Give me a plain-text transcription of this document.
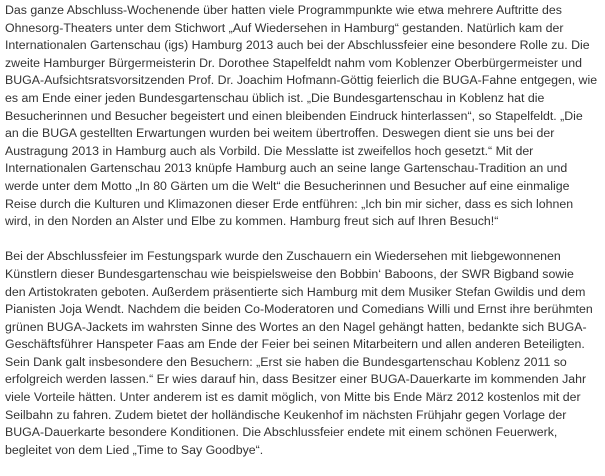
Das ganze Abschluss-Wochenende über hatten viele Programmpunkte wie etwa mehrere Auftritte des
Ohnesorg-Theaters unter dem Stichwort „Auf Wiedersehen in Hamburg“ gestanden. Natürlich kam der
Internationalen Gartenschau (igs) Hamburg 2013 auch bei der Abschlussfeier eine besondere Rolle zu. Die
zweite Hamburger Bürgermeisterin Dr. Dorothee Stapelfeldt nahm vom Koblenzer Oberbürgermeister und
BUGA-Aufsichtsratsvorsitzenden Prof. Dr. Joachim Hofmann-Göttig feierlich die BUGA-Fahne entgegen, wie
es am Ende einer jeden Bundesgartenschau üblich ist. „Die Bundesgartenschau in Koblenz hat die
Besucherinnen und Besucher begeistert und einen bleibenden Eindruck hinterlassen“, so Stapelfeldt. „Die
an die BUGA gestellten Erwartungen wurden bei weitem übertroffen. Deswegen dient sie uns bei der
Austragung 2013 in Hamburg auch als Vorbild. Die Messlatte ist zweifellos hoch gesetzt.“ Mit der
Internationalen Gartenschau 2013 knüpfe Hamburg auch an seine lange Gartenschau-Tradition an und
werde unter dem Motto „In 80 Gärten um die Welt“ die Besucherinnen und Besucher auf eine einmalige
Reise durch die Kulturen und Klimazonen dieser Erde entführen: „Ich bin mir sicher, dass es sich lohnen
wird, in den Norden an Alster und Elbe zu kommen. Hamburg freut sich auf Ihren Besuch!“

Bei der Abschlussfeier im Festungspark wurde den Zuschauern ein Wiedersehen mit liebgewonnenen
Künstlern dieser Bundesgartenschau wie beispielsweise den Bobbin‘ Baboons, der SWR Bigband sowie
den Artistokraten geboten. Außerdem präsentierte sich Hamburg mit dem Musiker Stefan Gwildis und dem
Pianisten Joja Wendt. Nachdem die beiden Co-Moderatoren und Comedians Willi und Ernst ihre berühmten
grünen BUGA-Jackets im wahrsten Sinne des Wortes an den Nagel gehängt hatten, bedankte sich BUGA-
Geschäftsführer Hanspeter Faas am Ende der Feier bei seinen Mitarbeitern und allen anderen Beteiligten.
Sein Dank galt insbesondere den Besuchern: „Erst sie haben die Bundesgartenschau Koblenz 2011 so
erfolgreich werden lassen.“ Er wies darauf hin, dass Besitzer einer BUGA-Dauerkarte im kommenden Jahr
viele Vorteile hätten. Unter anderem ist es damit möglich, von Mitte bis Ende März 2012 kostenlos mit der
Seilbahn zu fahren. Zudem bietet der holländische Keukenhof im nächsten Frühjahr gegen Vorlage der
BUGA-Dauerkarte besondere Konditionen. Die Abschlussfeier endete mit einem schönen Feuerwerk,
begleitet von dem Lied „Time to Say Goodbye“.
